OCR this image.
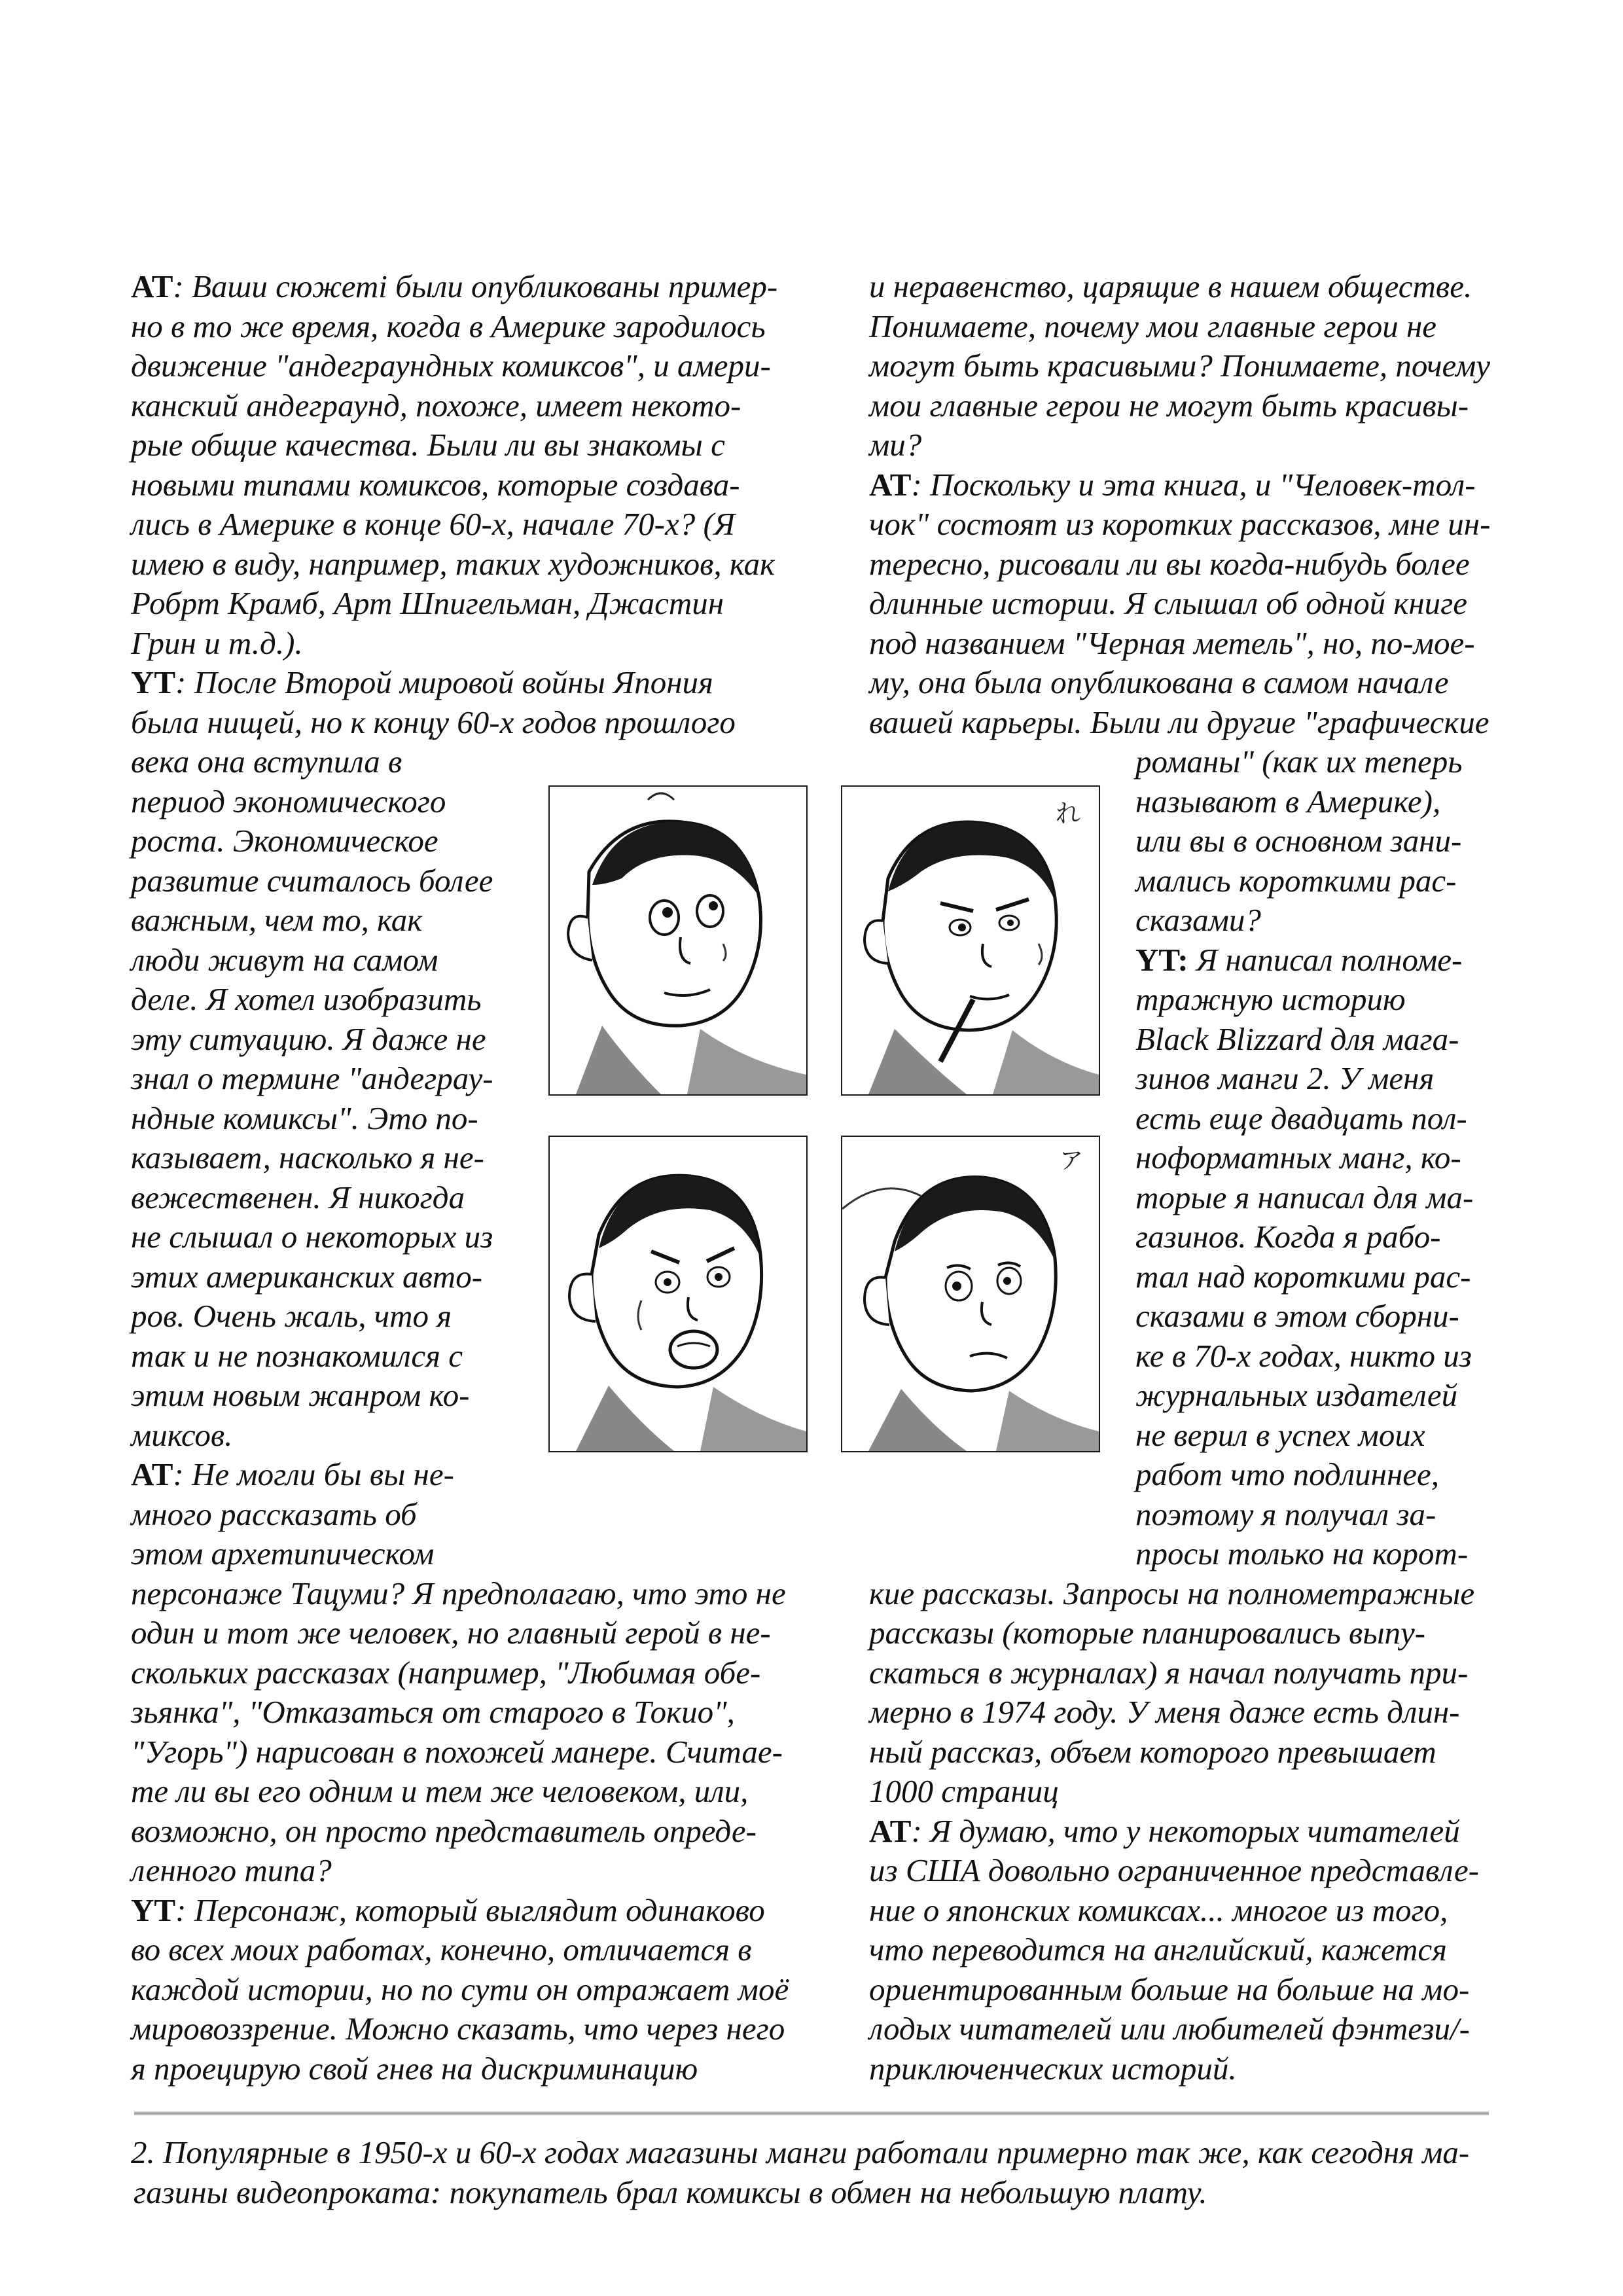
AT: Ваши сюжеті были опубликованы пример-
но в то же время, когда в Америке зародилось
движение "андеграундных комиксов", и амери-
канский андеграунд, похоже, имеет некото-
рые общие качества. Были ли вы знакомы с
новыми типами комиксов, которые создава-
лись в Америке в конце 60-х, начале 70-х? (Я
имею в виду, например, таких художников, как
Робрт Крамб, Арт Шпигельман, Джастин
Грин и т.д.).
YT: После Второй мировой войны Япония
была нищей, но к концу 60-х годов прошлого
века она вступила в
период экономического
роста. Экономическое
развитие считалось более
важным, чем то, как
люди живут на самом
деле. Я хотел изобразить
эту ситуацию. Я даже не
знал о термине "андеграу-
ндные комиксы". Это по-
казывает, насколько я не-
вежественен. Я никогда
не слышал о некоторых из
этих американских авто-
ров. Очень жаль, что я
так и не познакомился с
этим новым жанром ко-
миксов.
AT: Не могли бы вы не-
много рассказать об
этом архетипическом
персонаже Тацуми? Я предполагаю, что это не
один и тот же человек, но главный герой в не-
скольких рассказах (например, "Любимая обе-
зьянка", "Отказаться от старого в Токио",
"Угорь") нарисован в похожей манере. Считае-
те ли вы его одним и тем же человеком, или,
возможно, он просто представитель опреде-
ленного типа?
YT: Персонаж, который выглядит одинаково
во всех моих работах, конечно, отличается в
каждой истории, но по сути он отражает моё
мировоззрение. Можно сказать, что через него
я проецирую свой гнев на дискриминацию
и неравенство, царящие в нашем обществе.
Понимаете, почему мои главные герои не
могут быть красивыми? Понимаете, почему
мои главные герои не могут быть красивы-
ми?
AT: Поскольку и эта книга, и "Человек-тол-
чок" состоят из коротких рассказов, мне ин-
тересно, рисовали ли вы когда-нибудь более
длинные истории. Я слышал об одной книге
под названием "Черная метель", но, по-мое-
му, она была опубликована в самом начале
вашей карьеры. Были ли другие "графические
романы" (как их теперь
называют в Америке),
или вы в основном зани-
мались короткими рас-
сказами?
YT: Я написал полноме-
тражную историю
Black Blizzard для мага-
зинов манги 2. У меня
есть еще двадцать пол-
ноформатных манг, ко-
торые я написал для ма-
газинов. Когда я рабо-
тал над короткими рас-
сказами в этом сборни-
ке в 70-х годах, никто из
журнальных издателей
не верил в успех моих
работ что подлиннее,
поэтому я получал за-
просы только на корот-
кие рассказы. Запросы на полнометражные
рассказы (которые планировались выпу-
скаться в журналах) я начал получать при-
мерно в 1974 году. У меня даже есть длин-
ный рассказ, объем которого превышает
1000 страниц
AT: Я думаю, что у некоторых читателей
из США довольно ограниченное представле-
ние о японских комиксах... многое из того,
что переводится на английский, кажется
ориентированным больше на больше на мо-
лодых читателей или любителей фэнтези/-
приключенческих историй.
れ
ア
2. Популярные в 1950-х и 60-х годах магазины манги работали примерно так же, как сегодня ма-
газины видеопроката: покупатель брал комиксы в обмен на небольшую плату.
